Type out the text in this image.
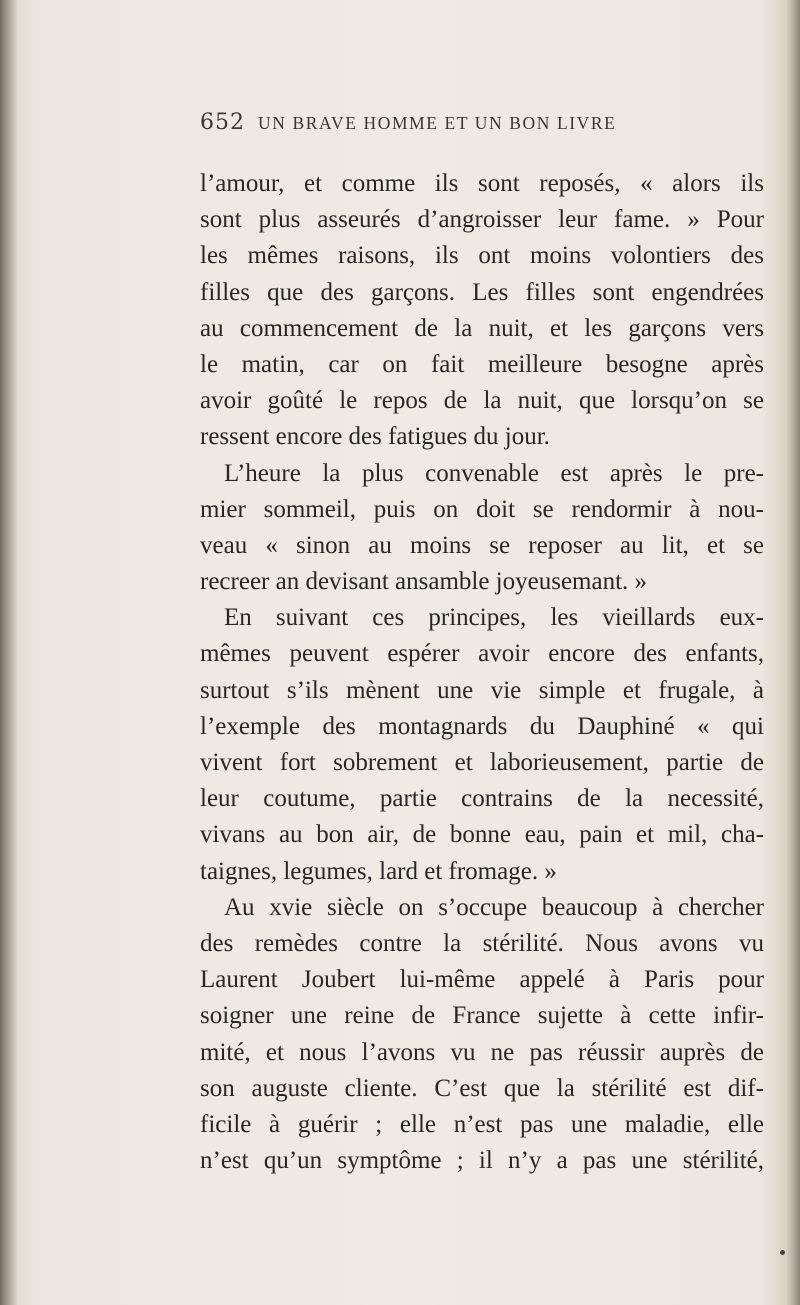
652 UN BRAVE HOMME ET UN BON LIVRE
l’amour, et comme ils sont reposés, « alors ils
sont plus asseurés d’angroisser leur fame. » Pour
les mêmes raisons, ils ont moins volontiers des
filles que des garçons. Les filles sont engendrées
au commencement de la nuit, et les garçons vers
le matin, car on fait meilleure besogne après
avoir goûté le repos de la nuit, que lorsqu’on se
ressent encore des fatigues du jour.
L’heure la plus convenable est après le pre-
mier sommeil, puis on doit se rendormir à nou-
veau « sinon au moins se reposer au lit, et se
recreer an devisant ansamble joyeusemant. »
En suivant ces principes, les vieillards eux-
mêmes peuvent espérer avoir encore des enfants,
surtout s’ils mènent une vie simple et frugale, à
l’exemple des montagnards du Dauphiné « qui
vivent fort sobrement et laborieusement, partie de
leur coutume, partie contrains de la necessité,
vivans au bon air, de bonne eau, pain et mil, cha-
taignes, legumes, lard et fromage. »
Au xvie siècle on s’occupe beaucoup à chercher
des remèdes contre la stérilité. Nous avons vu
Laurent Joubert lui-même appelé à Paris pour
soigner une reine de France sujette à cette infir-
mité, et nous l’avons vu ne pas réussir auprès de
son auguste cliente. C’est que la stérilité est dif-
ficile à guérir ; elle n’est pas une maladie, elle
n’est qu’un symptôme ; il n’y a pas une stérilité,
